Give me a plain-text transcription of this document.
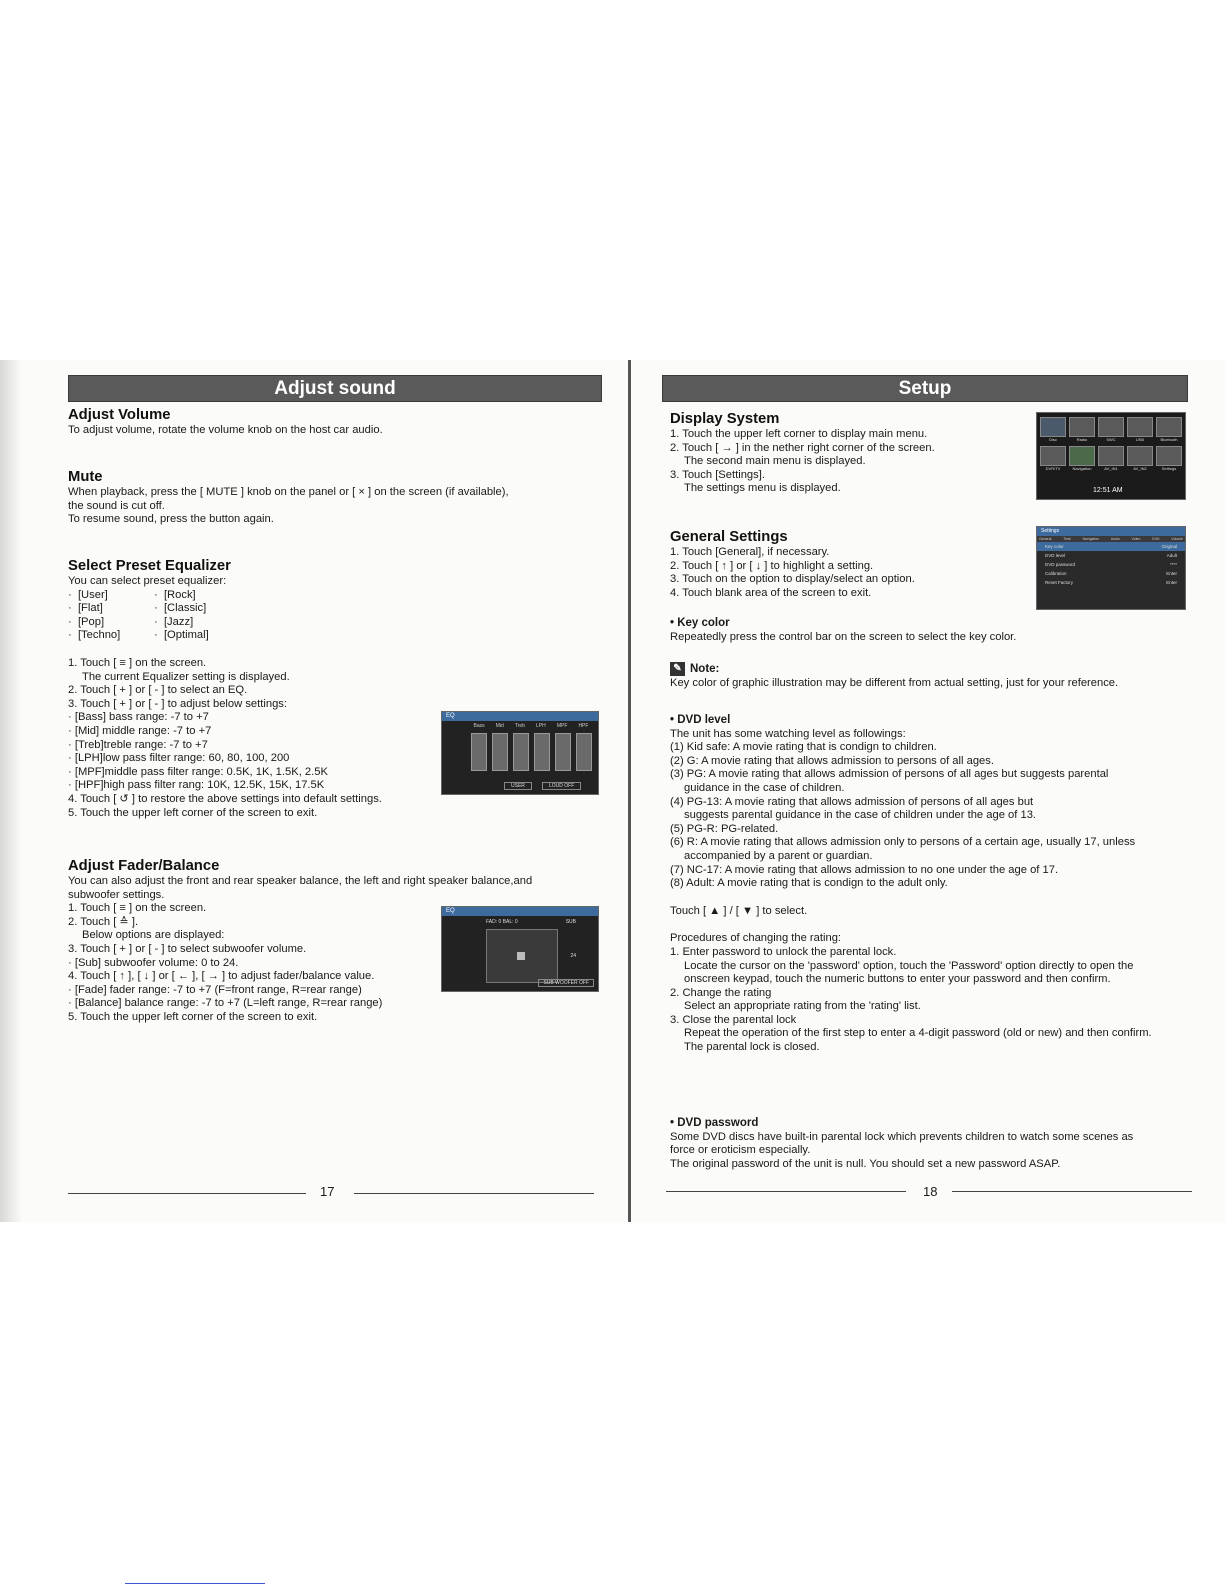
Adjust sound
Adjust Volume
To adjust volume, rotate the volume knob on the host car audio.
Mute
When playback, press the [ MUTE ] knob on the panel or [ × ] on the screen (if available),
the sound is cut off.
To resume sound, press the button again.
Select Preset Equalizer
You can select preset equalizer:
·  [User]	·  [Rock]
·  [Flat]	·  [Classic]
·  [Pop]	·  [Jazz]
·  [Techno]	·  [Optimal]
1. Touch [ ≡ ] on the screen.
The current Equalizer setting is displayed.
2. Touch [ + ] or [ - ] to select an EQ.
3. Touch [ + ] or [ - ] to adjust below settings:
· [Bass] bass range: -7 to +7
· [Mid] middle range: -7 to +7
· [Treb]treble range: -7 to +7
· [LPH]low pass filter range: 60, 80, 100, 200
· [MPF]middle pass filter range: 0.5K, 1K, 1.5K, 2.5K
· [HPF]high pass filter rang: 10K, 12.5K, 15K, 17.5K
4. Touch [ ↺ ] to restore the above settings into default settings.
5. Touch the upper left corner of the screen to exit.
Adjust Fader/Balance
You can also adjust the front and rear speaker balance, the left and right speaker balance,and
subwoofer settings.
1. Touch [ ≡ ] on the screen.
2. Touch [ ≙ ].
Below options are displayed:
3. Touch [ + ] or [ - ] to select subwoofer volume.
· [Sub] subwoofer volume: 0 to 24.
4. Touch [ ↑ ], [ ↓ ] or [ ← ], [ → ] to adjust fader/balance value.
· [Fade] fader range: -7 to +7 (F=front range, R=rear range)
· [Balance] balance range: -7 to +7 (L=left range, R=rear range)
5. Touch the upper left corner of the screen to exit.
EQ
Bass Mid Treb LPH MPF HPF
USER	LOUD OFF
EQ
FAD: 0 BAL: 0	SUB
24
SUB WOOFER OFF
17
Setup
Display System
1. Touch the upper left corner to display main menu.
2. Touch [ → ] in the nether right corner of the screen.
The second main menu is displayed.
3. Touch [Settings].
The settings menu is displayed.
General Settings
1. Touch [General], if necessary.
2. Touch [ ↑ ] or [ ↓ ] to highlight a setting.
3. Touch on the option to display/select an option.
4. Touch blank area of the screen to exit.
• Key color
Repeatedly press the control bar on the screen to select the key color.
✎ Note:
Key color of graphic illustration may be different from actual setting, just for your reference.
• DVD level
The unit has some watching level as followings:
(1) Kid safe: A movie rating that is condign to children.
(2) G: A movie rating that allows admission to persons of all ages.
(3) PG: A movie rating that allows admission of persons of all ages but suggests parental
guidance in the case of children.
(4) PG-13: A movie rating that allows admission of persons of all ages but
suggests parental guidance in the case of children under the age of 13.
(5) PG-R: PG-related.
(6) R: A movie rating that allows admission only to persons of a certain age, usually 17, unless
accompanied by a parent or guardian.
(7) NC-17: A movie rating that allows admission to no one under the age of 17.
(8) Adult: A movie rating that is condign to the adult only.
Touch [ ▲ ] / [ ▼ ] to select.
Procedures of changing the rating:
1. Enter password to unlock the parental lock.
Locate the cursor on the 'password' option, touch the 'Password' option directly to open the
onscreen keypad, touch the numeric buttons to enter your password and then confirm.
2. Change the rating
Select an appropriate rating from the 'rating' list.
3. Close the parental lock
Repeat the operation of the first step to enter a 4-digit password (old or new) and then confirm.
The parental lock is closed.
• DVD password
Some DVD discs have built-in parental lock which prevents children to watch some scenes as
force or eroticism especially.
The original password of the unit is null. You should set a new password ASAP.
Disc	Radio	SWC	USB	Bluetooth
DVR/TV	Navigation	AV_IN1	AV_IN2	Settings
12:51 AM
Settings
General	Time	Navigation	Audio	Video	DVD	Volume
Key color	Original
DVD level	Adult
DVD password	****
Calibration	Enter
Reset Factory	Enter
18
